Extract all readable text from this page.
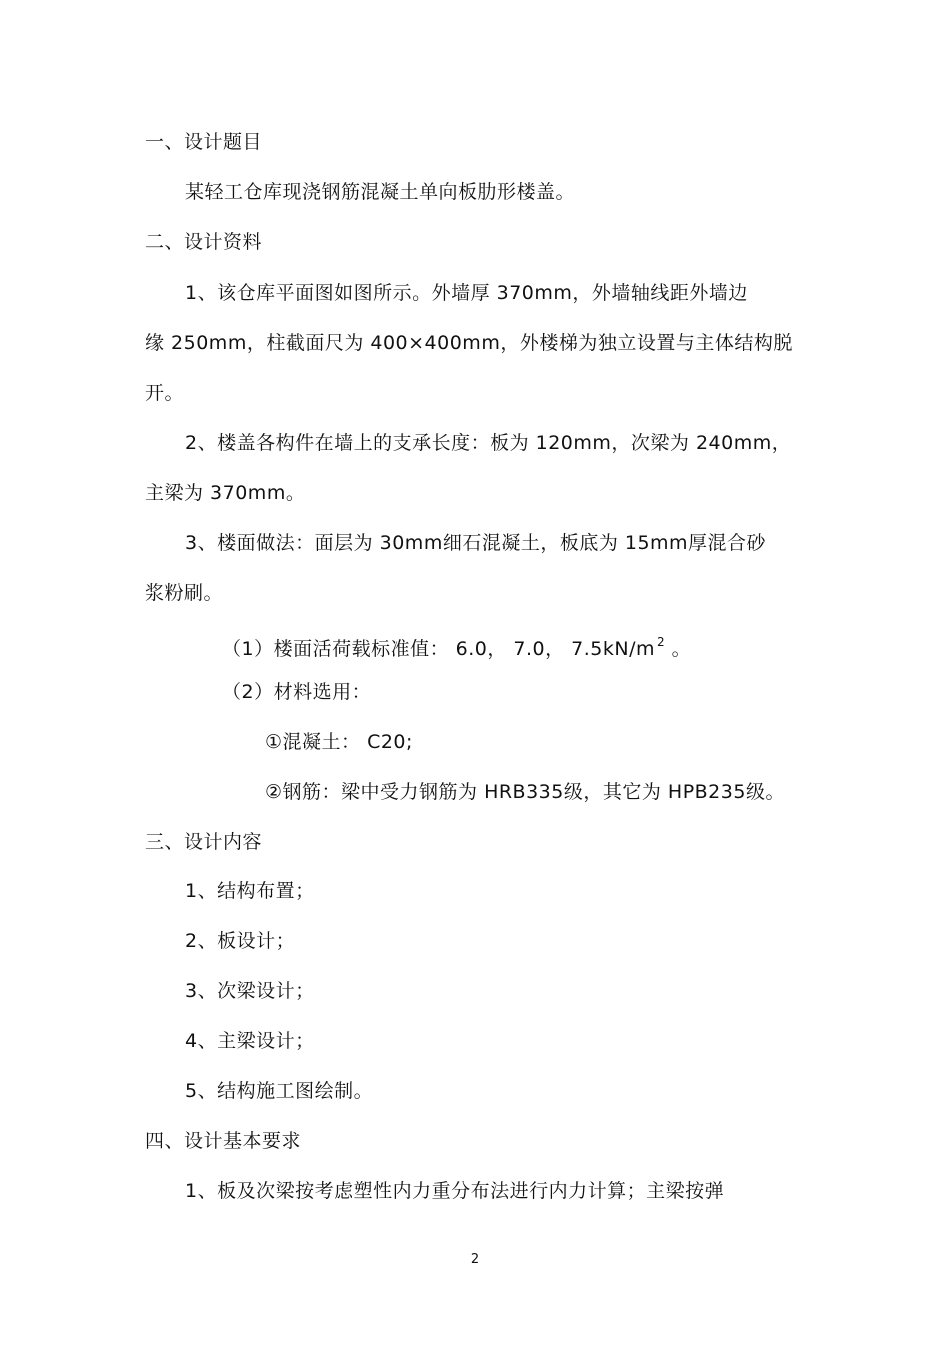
一、设计题目
某轻工仓库现浇钢筋混凝土单向板肋形楼盖。
二、设计资料
1、该仓库平面图如图所示。外墙厚 370mm，外墙轴线距外墙边
缘 250mm，柱截面尺为 400×400mm，外楼梯为独立设置与主体结构脱
开。
2、楼盖各构件在墙上的支承长度：板为 120mm，次梁为 240mm，
主梁为 370mm。
3、楼面做法：面层为 30mm细石混凝土，板底为 15mm厚混合砂
浆粉刷。
（1）楼面活荷载标准值： 6.0， 7.0， 7.5kN/m $^2$ 。
（2）材料选用：
①混凝土： C20;
②钢筋：梁中受力钢筋为 HRB335级，其它为 HPB235级。
三、设计内容
1、结构布置；
2、板设计；
3、次梁设计；
4、主梁设计；
5、结构施工图绘制。
四、设计基本要求
1、板及次梁按考虑塑性内力重分布法进行内力计算；主梁按弹
2
